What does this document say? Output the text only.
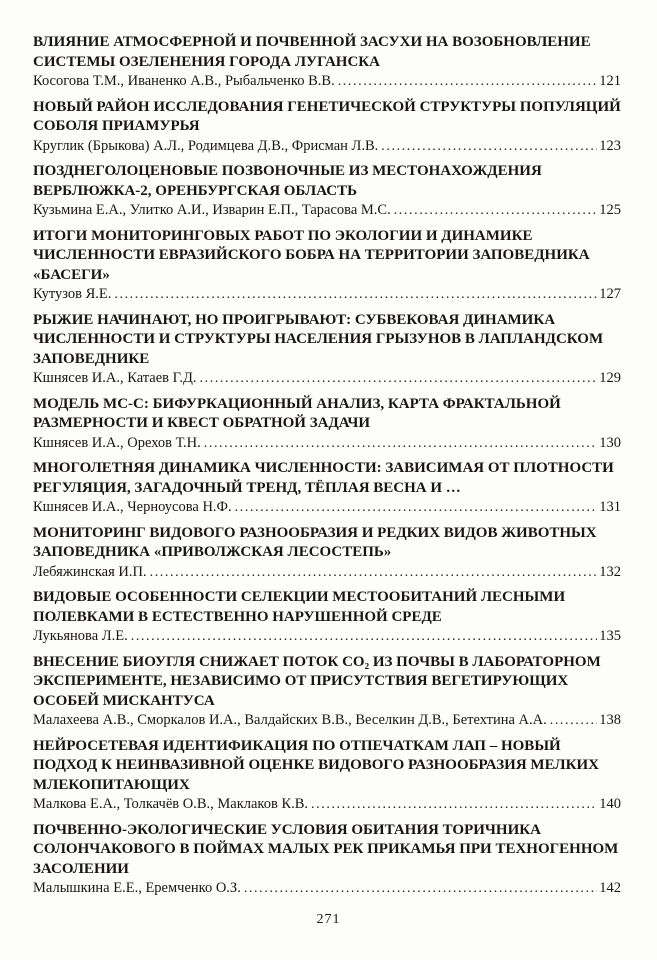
ВЛИЯНИЕ АТМОСФЕРНОЙ И ПОЧВЕННОЙ ЗАСУХИ НА ВОЗОБНОВЛЕНИЕ СИСТЕМЫ ОЗЕЛЕНЕНИЯ ГОРОДА ЛУГАНСКА
Косогова Т.М., Иваненко А.В., Рыбальченко В.В. .....	121
НОВЫЙ РАЙОН ИССЛЕДОВАНИЯ ГЕНЕТИЧЕСКОЙ СТРУКТУРЫ ПОПУЛЯЦИЙ СОБОЛЯ ПРИАМУРЬЯ
Круглик (Брыкова) А.Л., Родимцева Д.В., Фрисман Л.В. .....	123
ПОЗДНЕГОЛОЦЕНОВЫЕ ПОЗВОНОЧНЫЕ ИЗ МЕСТОНАХОЖДЕНИЯ ВЕРБЛЮЖКА-2, ОРЕНБУРГСКАЯ ОБЛАСТЬ
Кузьмина Е.А., Улитко А.И., Изварин Е.П., Тарасова М.С. .....	125
ИТОГИ МОНИТОРИНГОВЫХ РАБОТ ПО ЭКОЛОГИИ И ДИНАМИКЕ ЧИСЛЕННОСТИ ЕВРАЗИЙСКОГО БОБРА НА ТЕРРИТОРИИ ЗАПОВЕДНИКА «БАСЕГИ»
Кутузов Я.Е. .....	127
РЫЖИЕ НАЧИНАЮТ, НО ПРОИГРЫВАЮТ: СУБВЕКОВАЯ ДИНАМИКА ЧИСЛЕННОСТИ И СТРУКТУРЫ НАСЕЛЕНИЯ ГРЫЗУНОВ В ЛАПЛАНДСКОМ ЗАПОВЕДНИКЕ
Кшнясев И.А., Катаев Г.Д. .....	129
МОДЕЛЬ МС-С: БИФУРКАЦИОННЫЙ АНАЛИЗ, КАРТА ФРАКТАЛЬНОЙ РАЗМЕРНОСТИ И КВЕСТ ОБРАТНОЙ ЗАДАЧИ
Кшнясев И.А., Орехов Т.Н. .....	130
МНОГОЛЕТНЯЯ ДИНАМИКА ЧИСЛЕННОСТИ: ЗАВИСИМАЯ ОТ ПЛОТНОСТИ РЕГУЛЯЦИЯ, ЗАГАДОЧНЫЙ ТРЕНД, ТЁПЛАЯ ВЕСНА И …
Кшнясев И.А., Черноусова Н.Ф. .....	131
МОНИТОРИНГ ВИДОВОГО РАЗНООБРАЗИЯ И РЕДКИХ ВИДОВ ЖИВОТНЫХ ЗАПОВЕДНИКА «ПРИВОЛЖСКАЯ ЛЕСОСТЕПЬ»
Лебяжинская И.П. .....	132
ВИДОВЫЕ ОСОБЕННОСТИ СЕЛЕКЦИИ МЕСТООБИТАНИЙ ЛЕСНЫМИ ПОЛЕВКАМИ В ЕСТЕСТВЕННО НАРУШЕННОЙ СРЕДЕ
Лукьянова Л.Е. .....	135
ВНЕСЕНИЕ БИОУГЛЯ СНИЖАЕТ ПОТОК СО₂ ИЗ ПОЧВЫ В ЛАБОРАТОРНОМ ЭКСПЕРИМЕНТЕ, НЕЗАВИСИМО ОТ ПРИСУТСТВИЯ ВЕГЕТИРУЮЩИХ ОСОБЕЙ МИСКАНТУСА
Малахеева А.В., Сморкалов И.А., Валдайских В.В., Веселкин Д.В., Бетехтина А.А. .....	138
НЕЙРОСЕТЕВАЯ ИДЕНТИФИКАЦИЯ ПО ОТПЕЧАТКАМ ЛАП – НОВЫЙ ПОДХОД К НЕИНВАЗИВНОЙ ОЦЕНКЕ ВИДОВОГО РАЗНООБРАЗИЯ МЕЛКИХ МЛЕКОПИТАЮЩИХ
Малкова Е.А., Толкачёв О.В., Маклаков К.В. .....	140
ПОЧВЕННО-ЭКОЛОГИЧЕСКИЕ УСЛОВИЯ ОБИТАНИЯ ТОРИЧНИКА СОЛОНЧАКОВОГО В ПОЙМАХ МАЛЫХ РЕК ПРИКАМЬЯ ПРИ ТЕХНОГЕННОМ ЗАСОЛЕНИИ
Малышкина Е.Е., Еремченко О.З. .....	142
271
